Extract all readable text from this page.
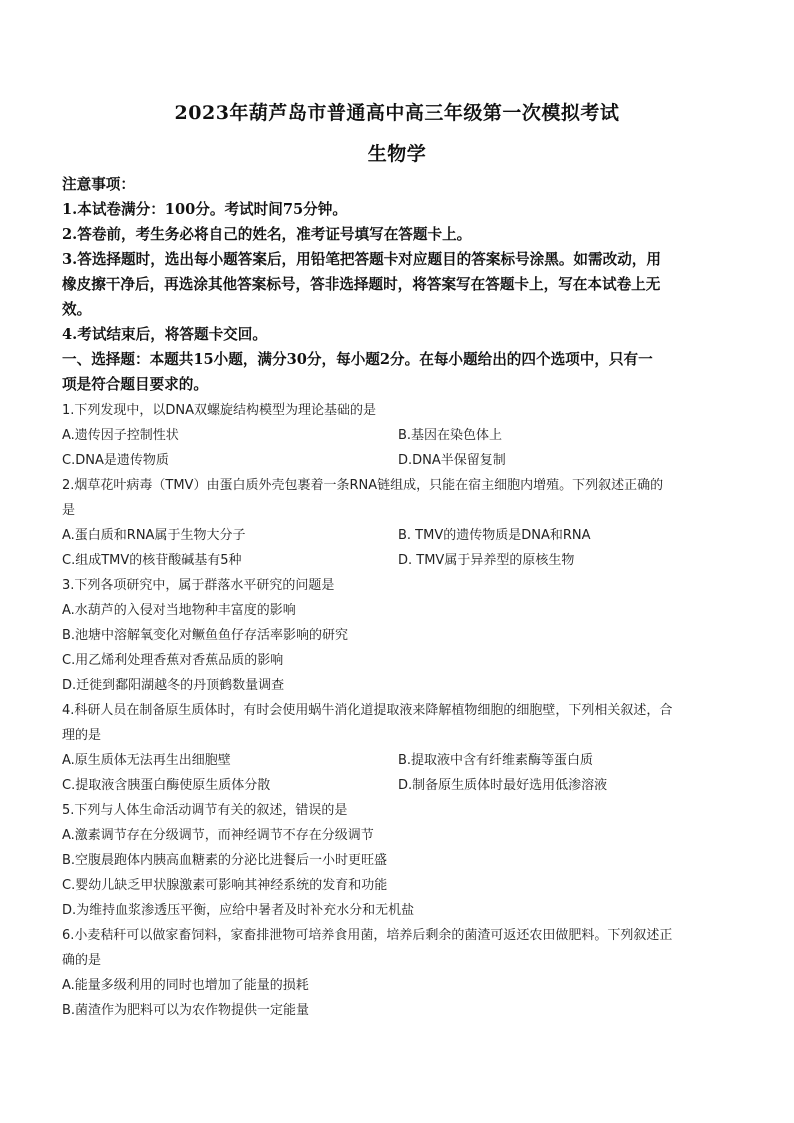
2023年葫芦岛市普通高中高三年级第一次模拟考试
生物学
注意事项：
1.本试卷满分：100分。考试时间75分钟。
2.答卷前，考生务必将自己的姓名，准考证号填写在答题卡上。
3.答选择题时，选出每小题答案后，用铅笔把答题卡对应题目的答案标号涂黑。如需改动，用
橡皮擦干净后，再选涂其他答案标号，答非选择题时，将答案写在答题卡上，写在本试卷上无
效。
4.考试结束后，将答题卡交回。
一、选择题：本题共15小题，满分30分，每小题2分。在每小题给出的四个选项中，只有一
项是符合题目要求的。
1.下列发现中，以DNA双螺旋结构模型为理论基础的是
A.遗传因子控制性状	B.基因在染色体上
C.DNA是遗传物质	D.DNA半保留复制
2.烟草花叶病毒（TMV）由蛋白质外壳包裹着一条RNA链组成，只能在宿主细胞内增殖。下列叙述正确的
是
A.蛋白质和RNA属于生物大分子	B. TMV的遗传物质是DNA和RNA
C.组成TMV的核苷酸碱基有5种	D. TMV属于异养型的原核生物
3.下列各项研究中，属于群落水平研究的问题是
A.水葫芦的入侵对当地物种丰富度的影响
B.池塘中溶解氧变化对鳜鱼鱼仔存活率影响的研究
C.用乙烯利处理香蕉对香蕉品质的影响
D.迁徙到鄱阳湖越冬的丹顶鹤数量调查
4.科研人员在制备原生质体时，有时会使用蜗牛消化道提取液来降解植物细胞的细胞壁，下列相关叙述，合
理的是
A.原生质体无法再生出细胞壁	B.提取液中含有纤维素酶等蛋白质
C.提取液含胰蛋白酶使原生质体分散	D.制备原生质体时最好选用低渗溶液
5.下列与人体生命活动调节有关的叙述，错误的是
A.激素调节存在分级调节，而神经调节不存在分级调节
B.空腹晨跑体内胰高血糖素的分泌比进餐后一小时更旺盛
C.婴幼儿缺乏甲状腺激素可影响其神经系统的发育和功能
D.为维持血浆渗透压平衡，应给中暑者及时补充水分和无机盐
6.小麦秸秆可以做家畜饲料，家畜排泄物可培养食用菌，培养后剩余的菌渣可返还农田做肥料。下列叙述正
确的是
A.能量多级利用的同时也增加了能量的损耗
B.菌渣作为肥料可以为农作物提供一定能量
